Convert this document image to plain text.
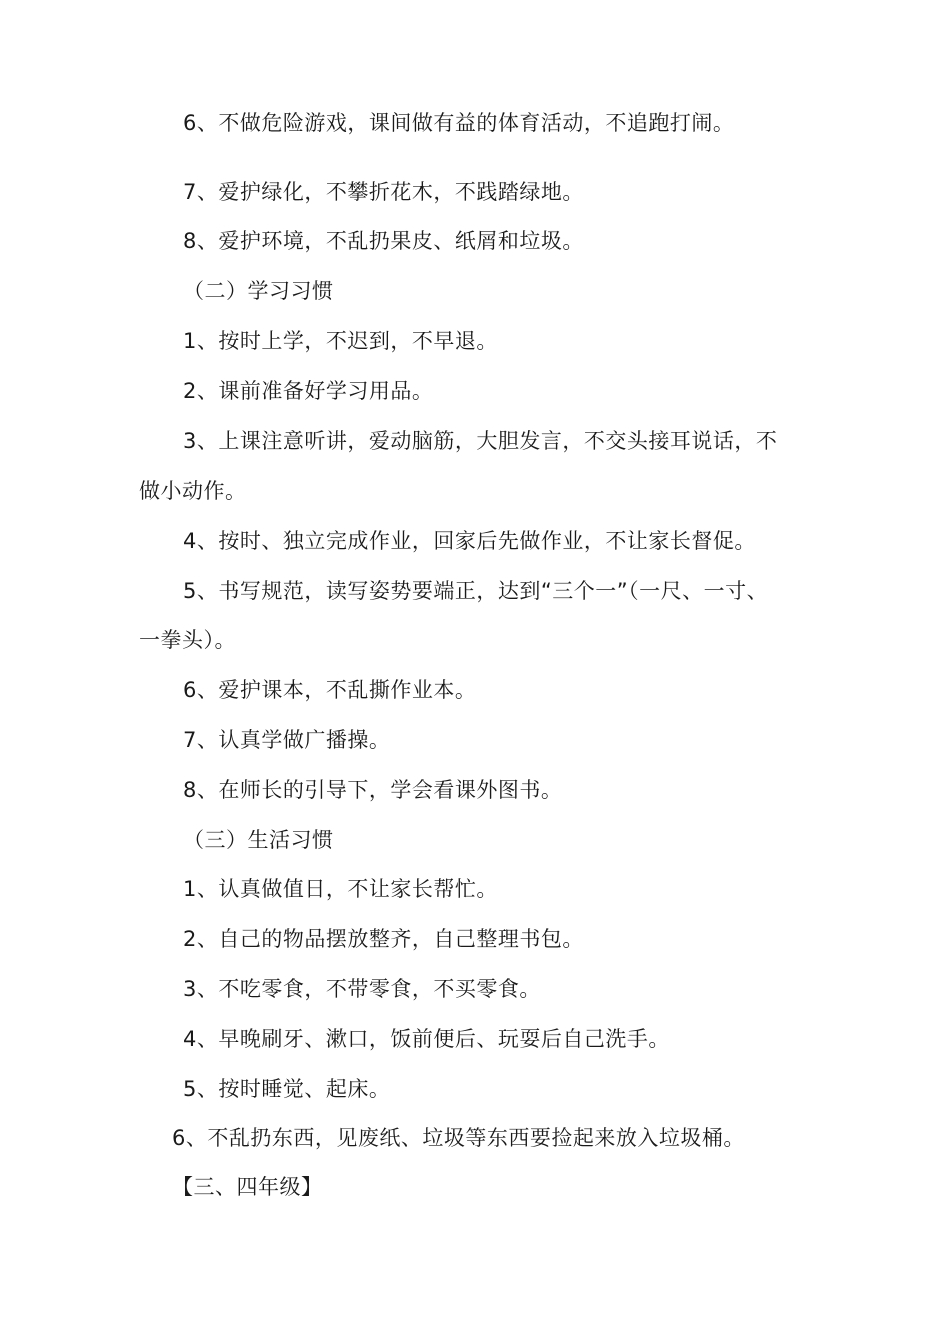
6、不做危险游戏，课间做有益的体育活动，不追跑打闹。
7、爱护绿化，不攀折花木，不践踏绿地。
8、爱护环境，不乱扔果皮、纸屑和垃圾。
（二）学习习惯
1、按时上学，不迟到，不早退。
2、课前准备好学习用品。
3、上课注意听讲，爱动脑筋，大胆发言，不交头接耳说话，不
做小动作。
4、按时、独立完成作业，回家后先做作业，不让家长督促。
5、书写规范，读写姿势要端正，达到“三个一”（一尺、一寸、
一拳头）。
6、爱护课本，不乱撕作业本。
7、认真学做广播操。
8、在师长的引导下，学会看课外图书。
（三）生活习惯
1、认真做值日，不让家长帮忙。
2、自己的物品摆放整齐，自己整理书包。
3、不吃零食，不带零食，不买零食。
4、早晚刷牙、漱口，饭前便后、玩耍后自己洗手。
5、按时睡觉、起床。
6、不乱扔东西，见废纸、垃圾等东西要捡起来放入垃圾桶。
【三、四年级】
